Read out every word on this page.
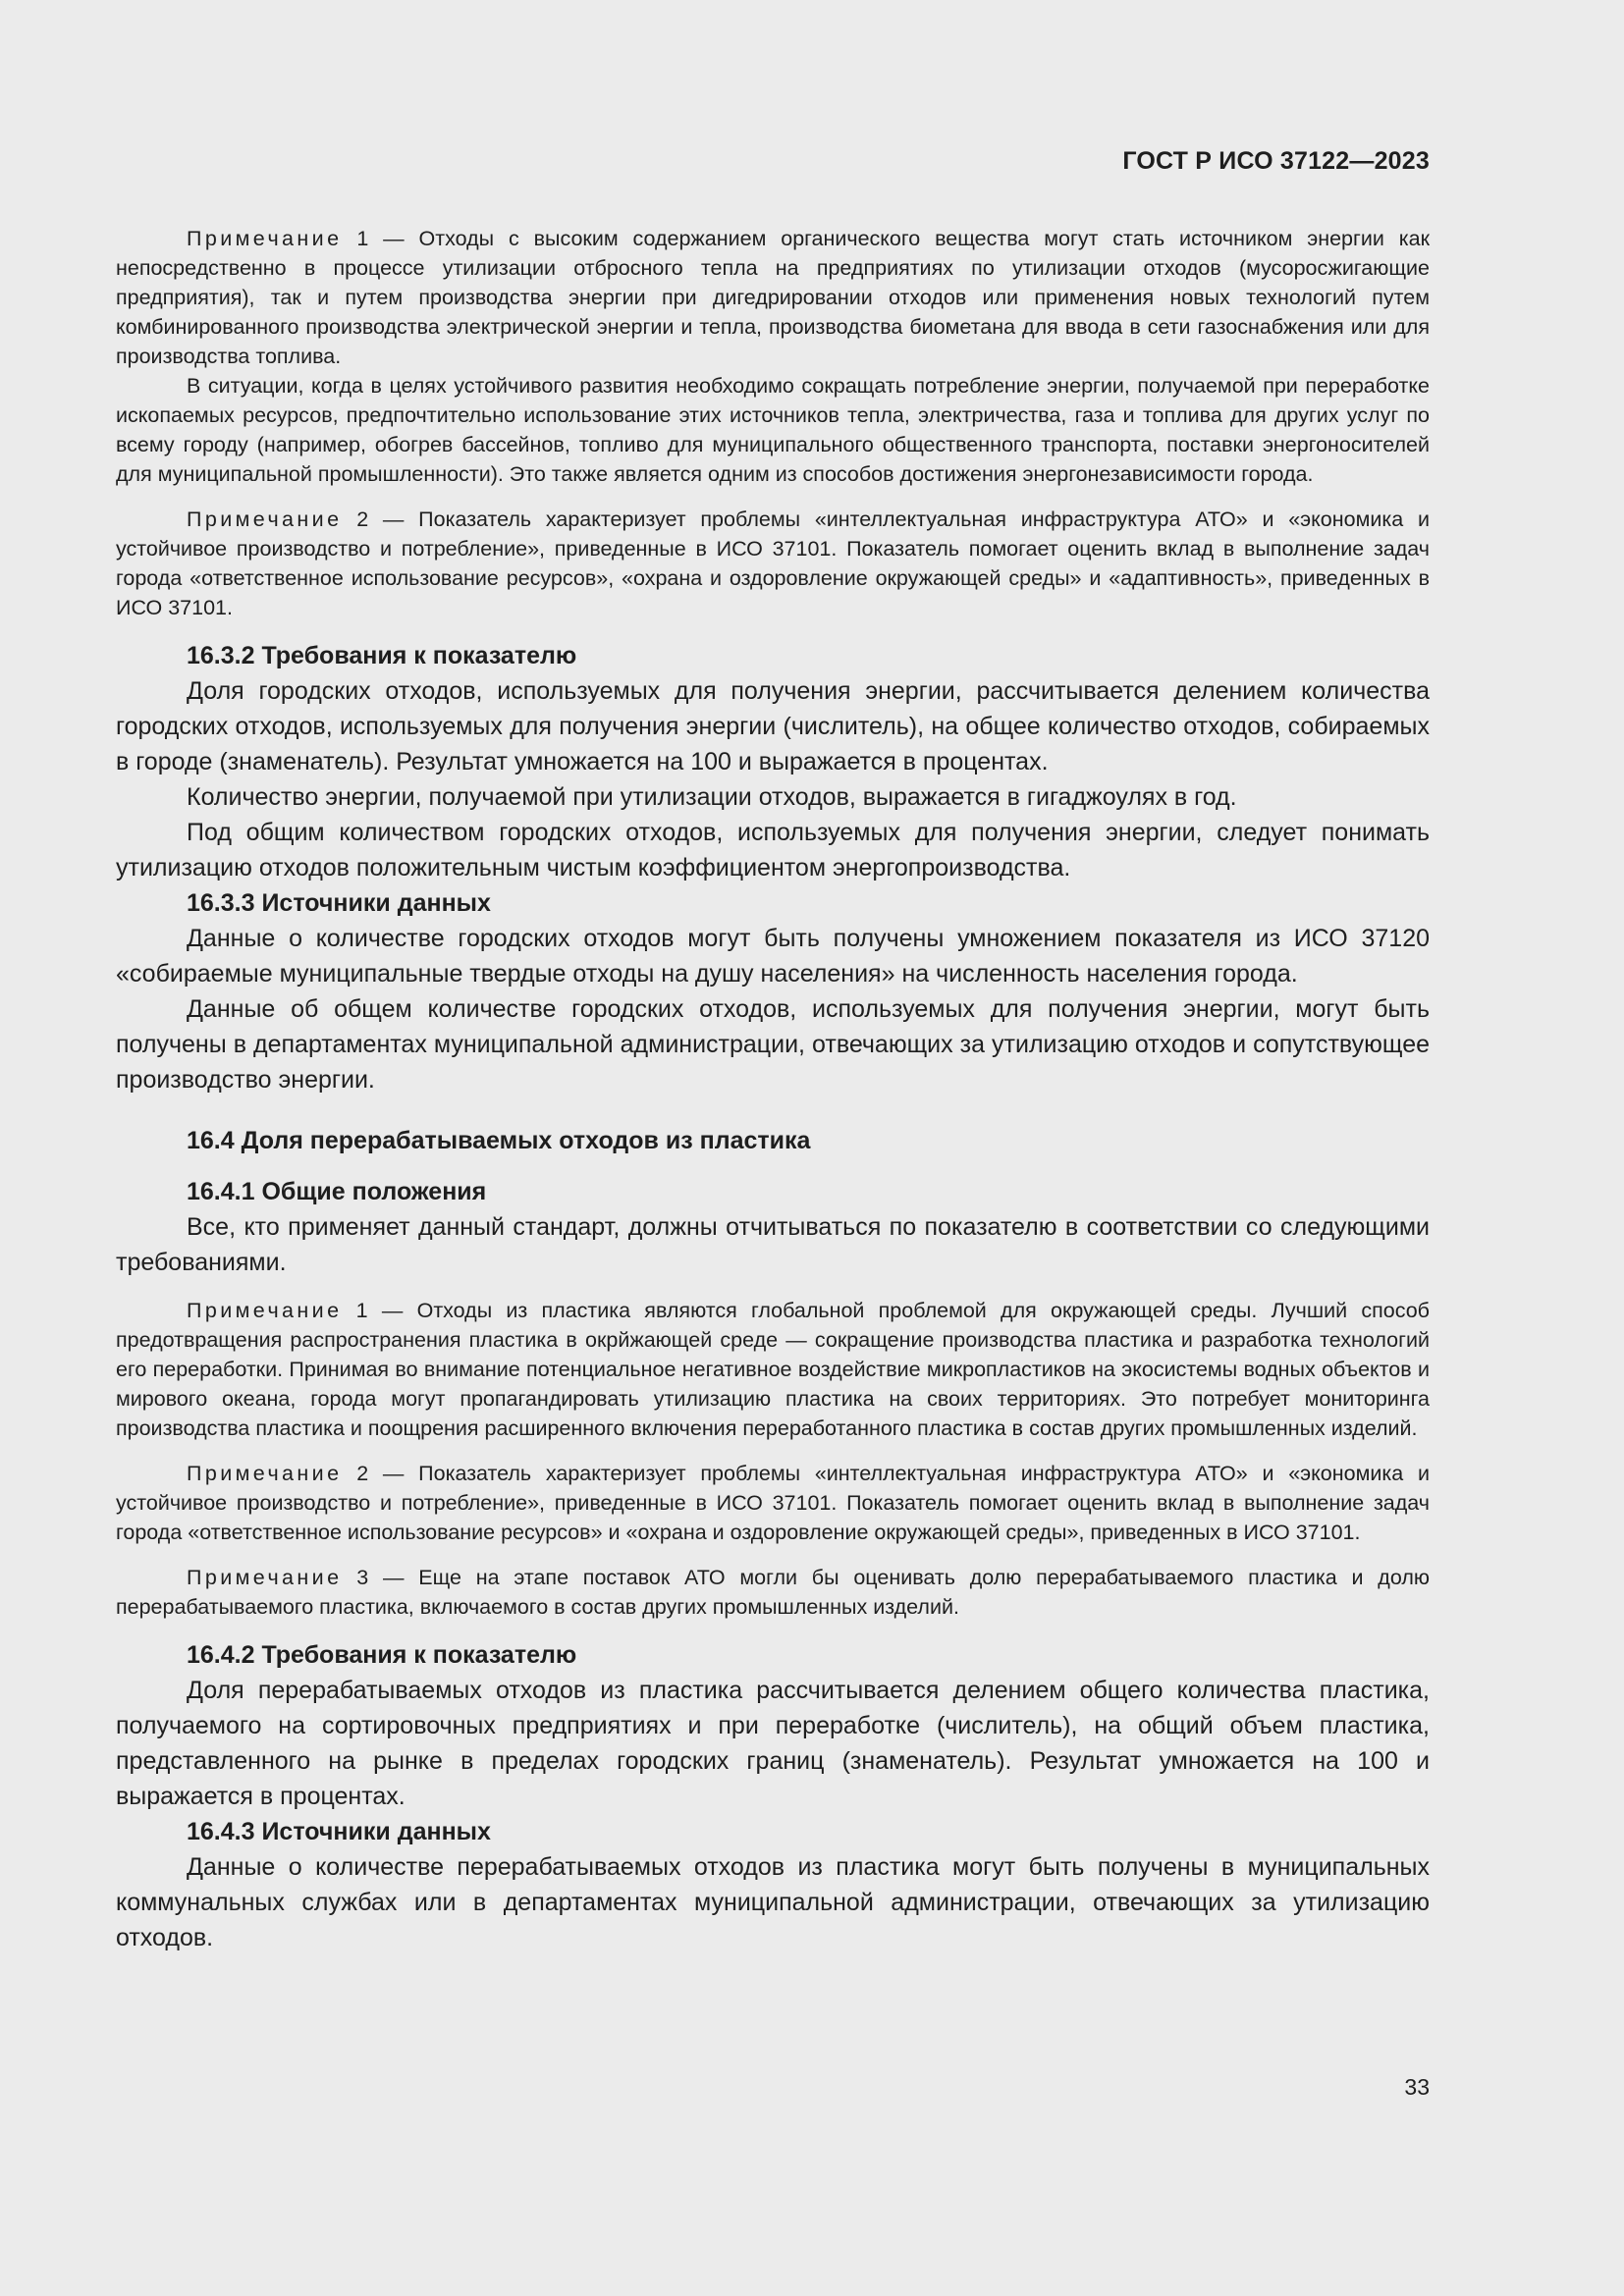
ГОСТ Р ИСО 37122—2023

Примечание 1 — Отходы с высоким содержанием органического вещества могут стать источником энергии как непосредственно в процессе утилизации отбросного тепла на предприятиях по утилизации отходов (мусоросжигающие предприятия), так и путем производства энергии при дигедрировании отходов или применения новых технологий путем комбинированного производства электрической энергии и тепла, производства биометана для ввода в сети газоснабжения или для производства топлива.

В ситуации, когда в целях устойчивого развития необходимо сокращать потребление энергии, получаемой при переработке ископаемых ресурсов, предпочтительно использование этих источников тепла, электричества, газа и топлива для других услуг по всему городу (например, обогрев бассейнов, топливо для муниципального общественного транспорта, поставки энергоносителей для муниципальной промышленности). Это также является одним из способов достижения энергонезависимости города.

Примечание 2 — Показатель характеризует проблемы «интеллектуальная инфраструктура АТО» и «экономика и устойчивое производство и потребление», приведенные в ИСО 37101. Показатель помогает оценить вклад в выполнение задач города «ответственное использование ресурсов», «охрана и оздоровление окружающей среды» и «адаптивность», приведенных в ИСО 37101.

16.3.2 Требования к показателю

Доля городских отходов, используемых для получения энергии, рассчитывается делением количества городских отходов, используемых для получения энергии (числитель), на общее количество отходов, собираемых в городе (знаменатель). Результат умножается на 100 и выражается в процентах.

Количество энергии, получаемой при утилизации отходов, выражается в гигаджоулях в год.

Под общим количеством городских отходов, используемых для получения энергии, следует понимать утилизацию отходов положительным чистым коэффициентом энергопроизводства.

16.3.3 Источники данных

Данные о количестве городских отходов могут быть получены умножением показателя из ИСО 37120 «собираемые муниципальные твердые отходы на душу населения» на численность населения города.

Данные об общем количестве городских отходов, используемых для получения энергии, могут быть получены в департаментах муниципальной администрации, отвечающих за утилизацию отходов и сопутствующее производство энергии.

16.4 Доля перерабатываемых отходов из пластика
16.4.1 Общие положения

Все, кто применяет данный стандарт, должны отчитываться по показателю в соответствии со следующими требованиями.

Примечание 1 — Отходы из пластика являются глобальной проблемой для окружающей среды. Лучший способ предотвращения распространения пластика в окрйжающей среде — сокращение производства пластика и разработка технологий его переработки. Принимая во внимание потенциальное негативное воздействие микропластиков на экосистемы водных объектов и мирового океана, города могут пропагандировать утилизацию пластика на своих территориях. Это потребует мониторинга производства пластика и поощрения расширенного включения переработанного пластика в состав других промышленных изделий.

Примечание 2 — Показатель характеризует проблемы «интеллектуальная инфраструктура АТО» и «экономика и устойчивое производство и потребление», приведенные в ИСО 37101. Показатель помогает оценить вклад в выполнение задач города «ответственное использование ресурсов» и «охрана и оздоровление окружающей среды», приведенных в ИСО 37101.

Примечание 3 — Еще на этапе поставок АТО могли бы оценивать долю перерабатываемого пластика и долю перерабатываемого пластика, включаемого в состав других промышленных изделий.

16.4.2 Требования к показателю

Доля перерабатываемых отходов из пластика рассчитывается делением общего количества пластика, получаемого на сортировочных предприятиях и при переработке (числитель), на общий объем пластика, представленного на рынке в пределах городских границ (знаменатель). Результат умножается на 100 и выражается в процентах.

16.4.3 Источники данных

Данные о количестве перерабатываемых отходов из пластика могут быть получены в муниципальных коммунальных службах или в департаментах муниципальной администрации, отвечающих за утилизацию отходов.

33
